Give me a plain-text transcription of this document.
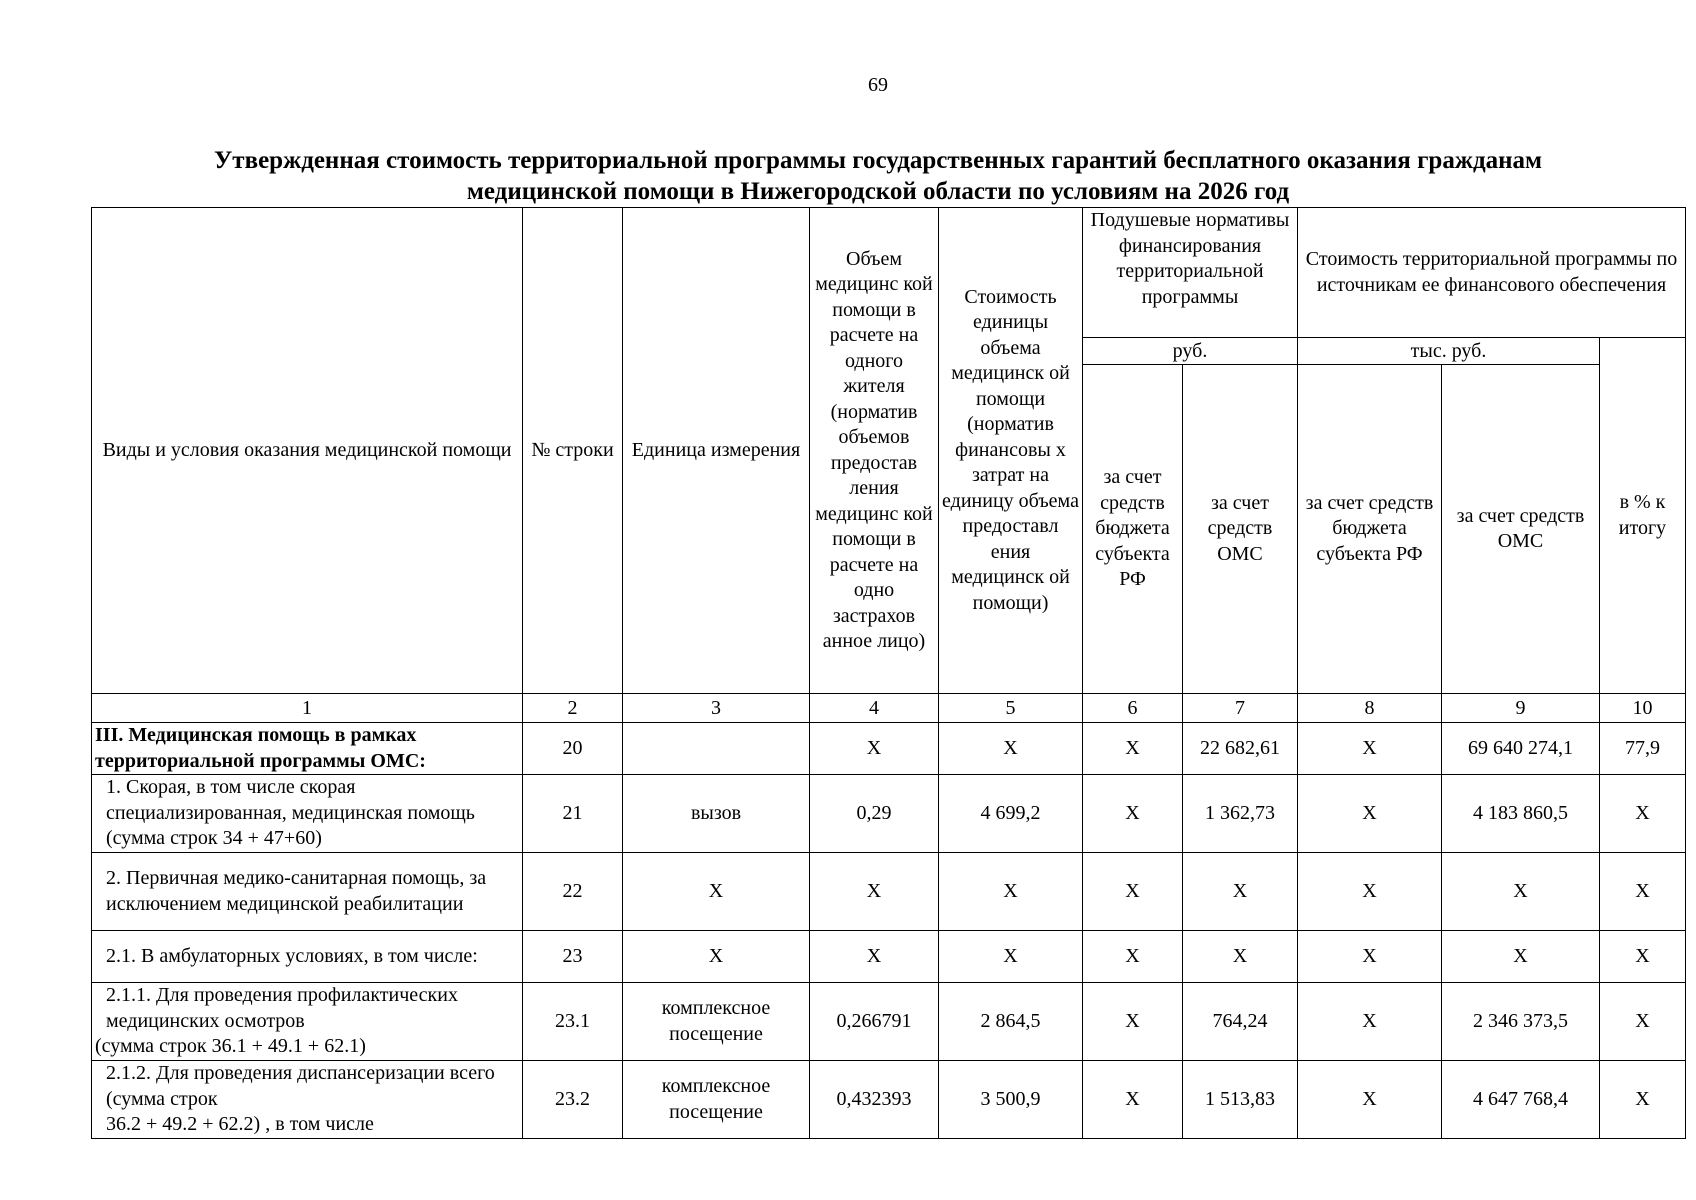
69
Утвержденная стоимость территориальной программы государственных гарантий бесплатного оказания гражданам
медицинской помощи в Нижегородской области по условиям на 2026 год
Виды и условия оказания медицинской помощи	№ строки	Единица измерения	Объем медицинс кой помощи в расчете на одного жителя (норматив объемов предостав ления медицинс кой помощи в расчете на одно застрахов анное лицо)	Стоимость единицы объема медицинск ой помощи (норматив финансовы х затрат на единицу объема предоставл ения медицинск ой помощи)	Подушевые нормативы финансирования территориальной программы		Стоимость территориальной программы по источникам ее финансового обеспечения		
					руб.		тыс. руб.		в % к итогу
					за счет средств бюджета субъекта РФ	за счет средств ОМС	за счет средств бюджета субъекта РФ	за счет средств ОМС	
1	2	3	4	5	6	7	8	9	10
III. Медицинская помощь в рамках территориальной программы ОМС:	20		X	X	X	22 682,61	X	69 640 274,1	77,9
1. Скорая, в том числе скорая специализированная, медицинская помощь (сумма строк 34 + 47+60)	21	вызов	0,29	4 699,2	X	1 362,73	X	4 183 860,5	X
2. Первичная медико-санитарная помощь, за исключением медицинской реабилитации	22	X	X	X	X	X	X	X	X
2.1. В амбулаторных условиях, в том числе:	23	X	X	X	X	X	X	X	X

2.1.1. Для проведения профилактических медицинских осмотров
(сумма строк 36.1 + 49.1 + 62.1)	23.1	комплексное посещение	0,266791	2 864,5	X	764,24	X	2 346 373,5	X

2.1.2. Для проведения диспансеризации всего (сумма строк
36.2 + 49.2 + 62.2) , в том числе	23.2	комплексное посещение	0,432393	3 500,9	X	1 513,83	X	4 647 768,4	X
